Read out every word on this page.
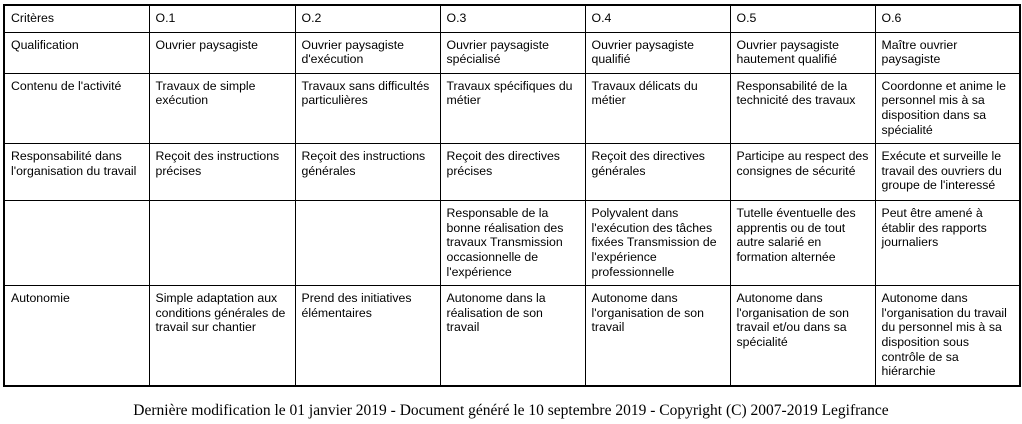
Critères	O.1	O.2	O.3	O.4	O.5	O.6
Qualification	Ouvrier paysagiste	Ouvrier paysagiste d'exécution	Ouvrier paysagiste spécialisé	Ouvrier paysagiste qualifié	Ouvrier paysagiste hautement qualifié	Maître ouvrier paysagiste
Contenu de l'activité	Travaux de simple exécution	Travaux sans difficultés particulières	Travaux spécifiques du métier	Travaux délicats du métier	Responsabilité de la technicité des travaux	Coordonne et anime le personnel mis à sa disposition dans sa spécialité
Responsabilité dans l'organisation du travail	Reçoit des instructions précises	Reçoit des instructions générales	Reçoit des directives précises	Reçoit des directives générales	Participe au respect des consignes de sécurité	Exécute et surveille le travail des ouvriers du groupe de l'interessé
			Responsable de la bonne réalisation des travaux Transmission occasionnelle de l'expérience	Polyvalent dans l'exécution des tâches fixées Transmission de l'expérience professionnelle	Tutelle éventuelle des apprentis ou de tout autre salarié en formation alternée	Peut être amené à établir des rapports journaliers
Autonomie	Simple adaptation aux conditions générales de travail sur chantier	Prend des initiatives élémentaires	Autonome dans la réalisation de son travail	Autonome dans l'organisation de son travail	Autonome dans l'organisation de son travail et/ou dans sa spécialité	Autonome dans l'organisation du travail du personnel mis à sa disposition sous contrôle de sa hiérarchie
Dernière modification le 01 janvier 2019 - Document généré le 10 septembre 2019 - Copyright (C) 2007-2019 Legifrance
